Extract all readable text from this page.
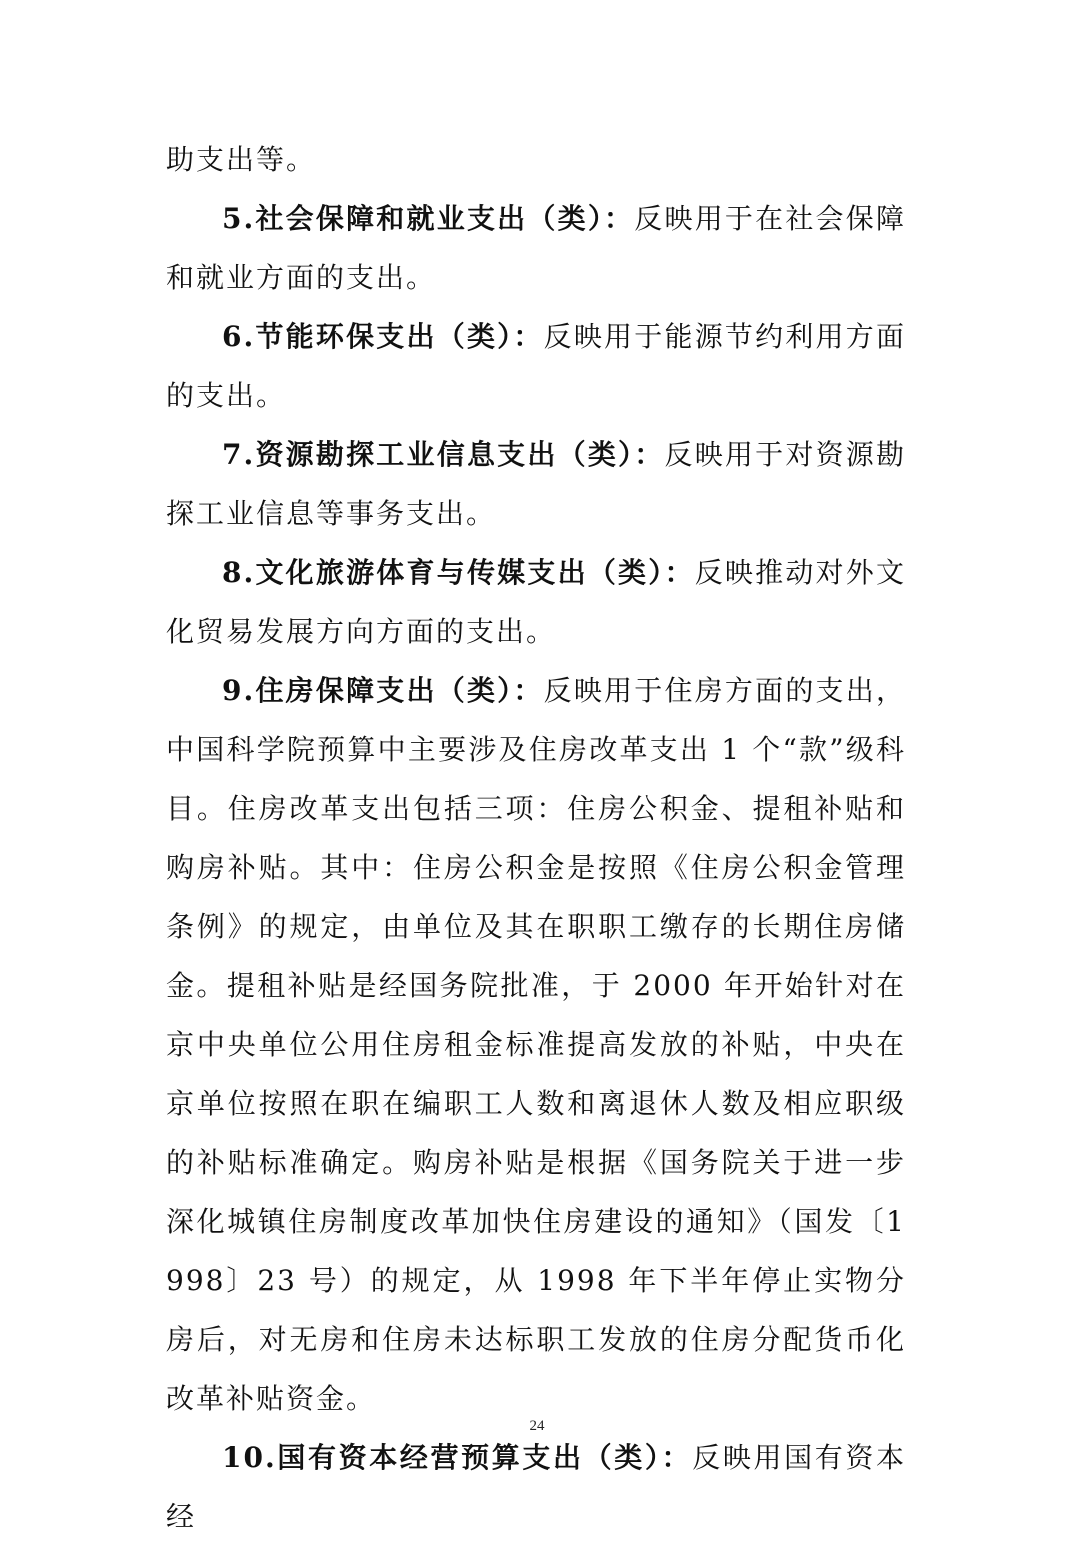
助支出等。

5.社会保障和就业支出（类）：反映用于在社会保障和就业方面的支出。

6.节能环保支出（类）：反映用于能源节约利用方面的支出。

7.资源勘探工业信息支出（类）：反映用于对资源勘探工业信息等事务支出。

8.文化旅游体育与传媒支出（类）：反映推动对外文化贸易发展方向方面的支出。

9.住房保障支出（类）：反映用于住房方面的支出，中国科学院预算中主要涉及住房改革支出 1 个“款”级科目。住房改革支出包括三项：住房公积金、提租补贴和购房补贴。其中：住房公积金是按照《住房公积金管理条例》的规定，由单位及其在职职工缴存的长期住房储金。提租补贴是经国务院批准，于 2000 年开始针对在京中央单位公用住房租金标准提高发放的补贴，中央在京单位按照在职在编职工人数和离退休人数及相应职级的补贴标准确定。购房补贴是根据《国务院关于进一步深化城镇住房制度改革加快住房建设的通知》（国发〔1998〕23 号）的规定，从 1998 年下半年停止实物分房后，对无房和住房未达标职工发放的住房分配货币化改革补贴资金。

10.国有资本经营预算支出（类）：反映用国有资本经

24
